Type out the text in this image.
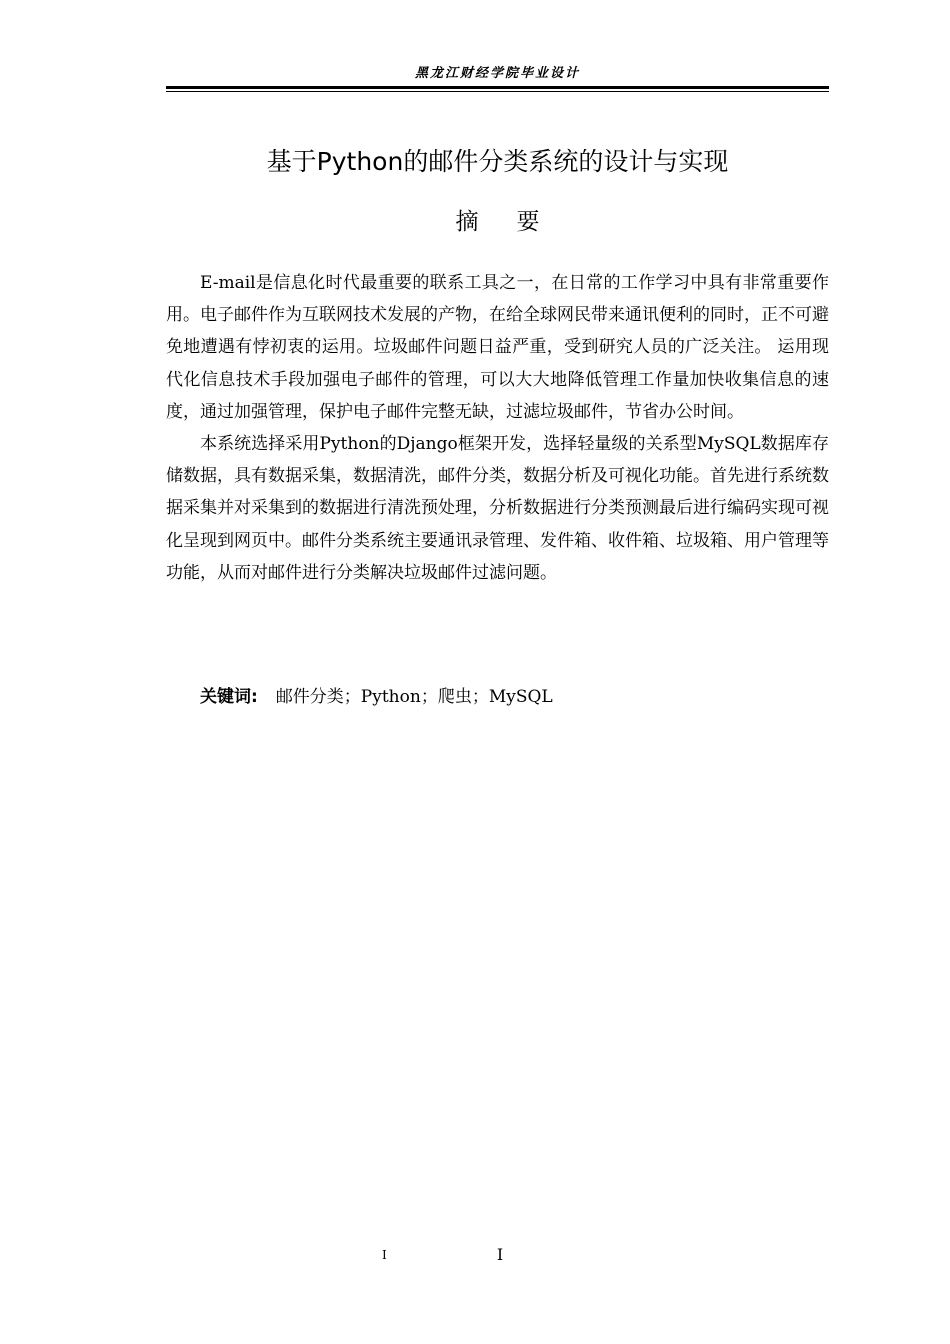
黑龙江财经学院毕业设计
基于Python的邮件分类系统的设计与实现
摘要

E-mail是信息化时代最重要的联系工具之一，在日常的工作学习中具有非常重要作用。电子邮件作为互联网技术发展的产物，在给全球网民带来通讯便利的同时，正不可避免地遭遇有悖初衷的运用。垃圾邮件问题日益严重，受到研究人员的广泛关注。 运用现代化信息技术手段加强电子邮件的管理，可以大大地降低管理工作量加快收集信息的速度，通过加强管理，保护电子邮件完整无缺，过滤垃圾邮件，节省办公时间。

本系统选择采用Python的Django框架开发，选择轻量级的关系型MySQL数据库存储数据，具有数据采集，数据清洗，邮件分类，数据分析及可视化功能。首先进行系统数据采集并对采集到的数据进行清洗预处理，分析数据进行分类预测最后进行编码实现可视化呈现到网页中。邮件分类系统主要通讯录管理、发件箱、收件箱、垃圾箱、用户管理等功能，从而对邮件进行分类解决垃圾邮件过滤问题。

关键词: 邮件分类；Python；爬虫；MySQL
I	I
